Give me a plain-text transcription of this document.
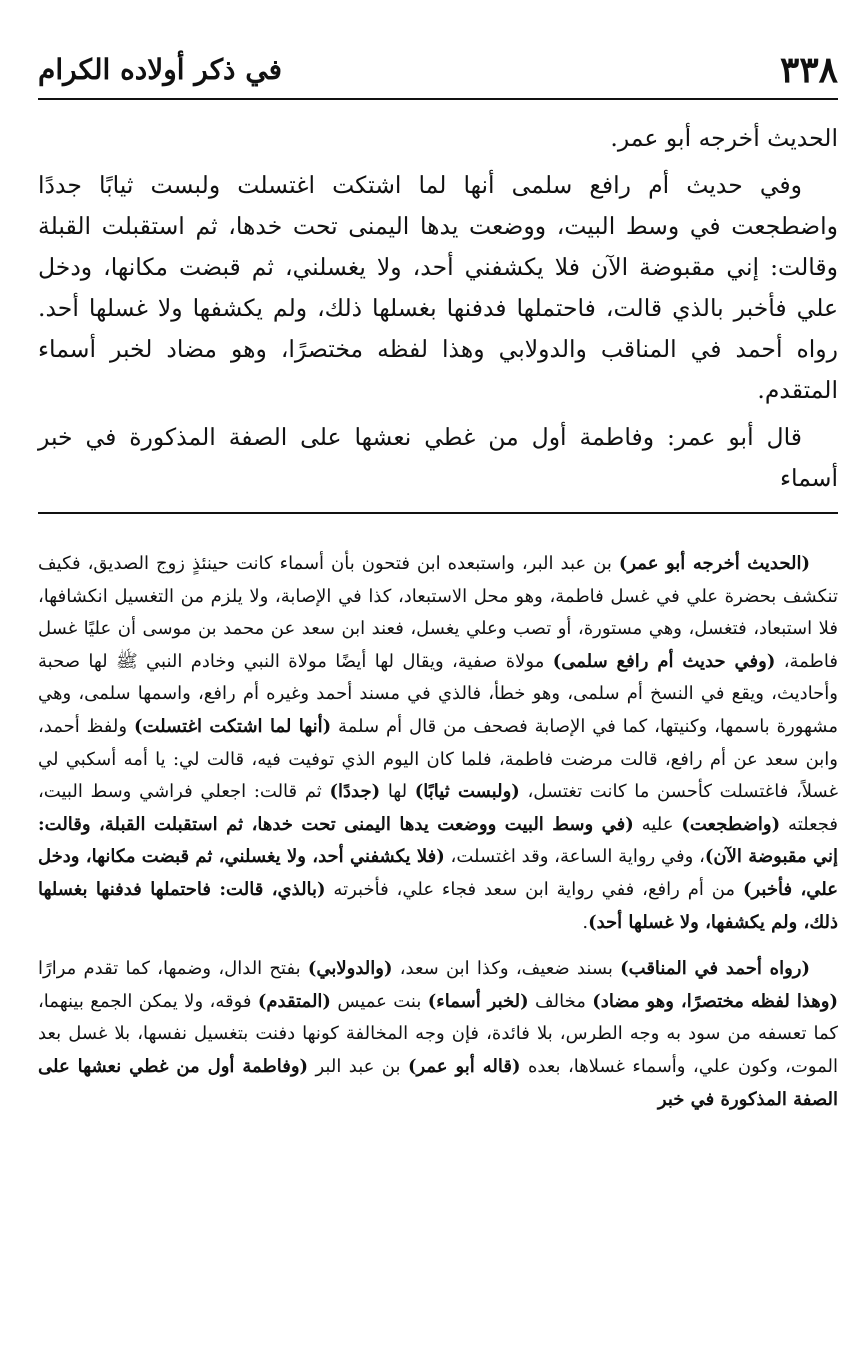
٣٣٨
في ذكر أولاده الكرام

الحديث أخرجه أبو عمر.

وفي حديث أم رافع سلمى أنها لما اشتكت اغتسلت ولبست ثيابًا جددًا واضطجعت في وسط البيت، ووضعت يدها اليمنى تحت خدها، ثم استقبلت القبلة وقالت: إني مقبوضة الآن فلا يكشفني أحد، ولا يغسلني، ثم قبضت مكانها، ودخل علي فأخبر بالذي قالت، فاحتملها فدفنها بغسلها ذلك، ولم يكشفها ولا غسلها أحد. رواه أحمد في المناقب والدولابي وهذا لفظه مختصرًا، وهو مضاد لخبر أسماء المتقدم.

قال أبو عمر: وفاطمة أول من غطي نعشها على الصفة المذكورة في خبر أسماء

(الحديث أخرجه أبو عمر) بن عبد البر، واستبعده ابن فتحون بأن أسماء كانت حينئذٍ زوج الصديق، فكيف تنكشف بحضرة علي في غسل فاطمة، وهو محل الاستبعاد، كذا في الإصابة، ولا يلزم من التغسيل انكشافها، فلا استبعاد، فتغسل، وهي مستورة، أو تصب وعلي يغسل، فعند ابن سعد عن محمد بن موسى أن عليًا غسل فاطمة، (وفي حديث أم رافع سلمى) مولاة صفية، ويقال لها أيضًا مولاة النبي وخادم النبي ﷺ لها صحبة وأحاديث، ويقع في النسخ أم سلمى، وهو خطأ، فالذي في مسند أحمد وغيره أم رافع، واسمها سلمى، وهي مشهورة باسمها، وكنيتها، كما في الإصابة فصحف من قال أم سلمة (أنها لما اشتكت اغتسلت) ولفظ أحمد، وابن سعد عن أم رافع، قالت مرضت فاطمة، فلما كان اليوم الذي توفيت فيه، قالت لي: يا أمه أسكبي لي غسلاً، فاغتسلت كأحسن ما كانت تغتسل، (ولبست ثيابًا) لها (جددًا) ثم قالت: اجعلي فراشي وسط البيت، فجعلته (واضطجعت) عليه (في وسط البيت ووضعت يدها اليمنى تحت خدها، ثم استقبلت القبلة، وقالت: إني مقبوضة الآن)، وفي رواية الساعة، وقد اغتسلت، (فلا يكشفني أحد، ولا يغسلني، ثم قبضت مكانها، ودخل علي، فأخبر) من أم رافع، ففي رواية ابن سعد فجاء علي، فأخبرته (بالذي، قالت: فاحتملها فدفنها بغسلها ذلك، ولم يكشفها، ولا غسلها أحد).

(رواه أحمد في المناقب) بسند ضعيف، وكذا ابن سعد، (والدولابي) بفتح الدال، وضمها، كما تقدم مرارًا (وهذا لفظه مختصرًا، وهو مضاد) مخالف (لخبر أسماء) بنت عميس (المتقدم) فوقه، ولا يمكن الجمع بينهما، كما تعسفه من سود به وجه الطرس، بلا فائدة، فإن وجه المخالفة كونها دفنت بتغسيل نفسها، بلا غسل بعد الموت، وكون علي، وأسماء غسلاها، بعده (قاله أبو عمر) بن عبد البر (وفاطمة أول من غطي نعشها على الصفة المذكورة في خبر
